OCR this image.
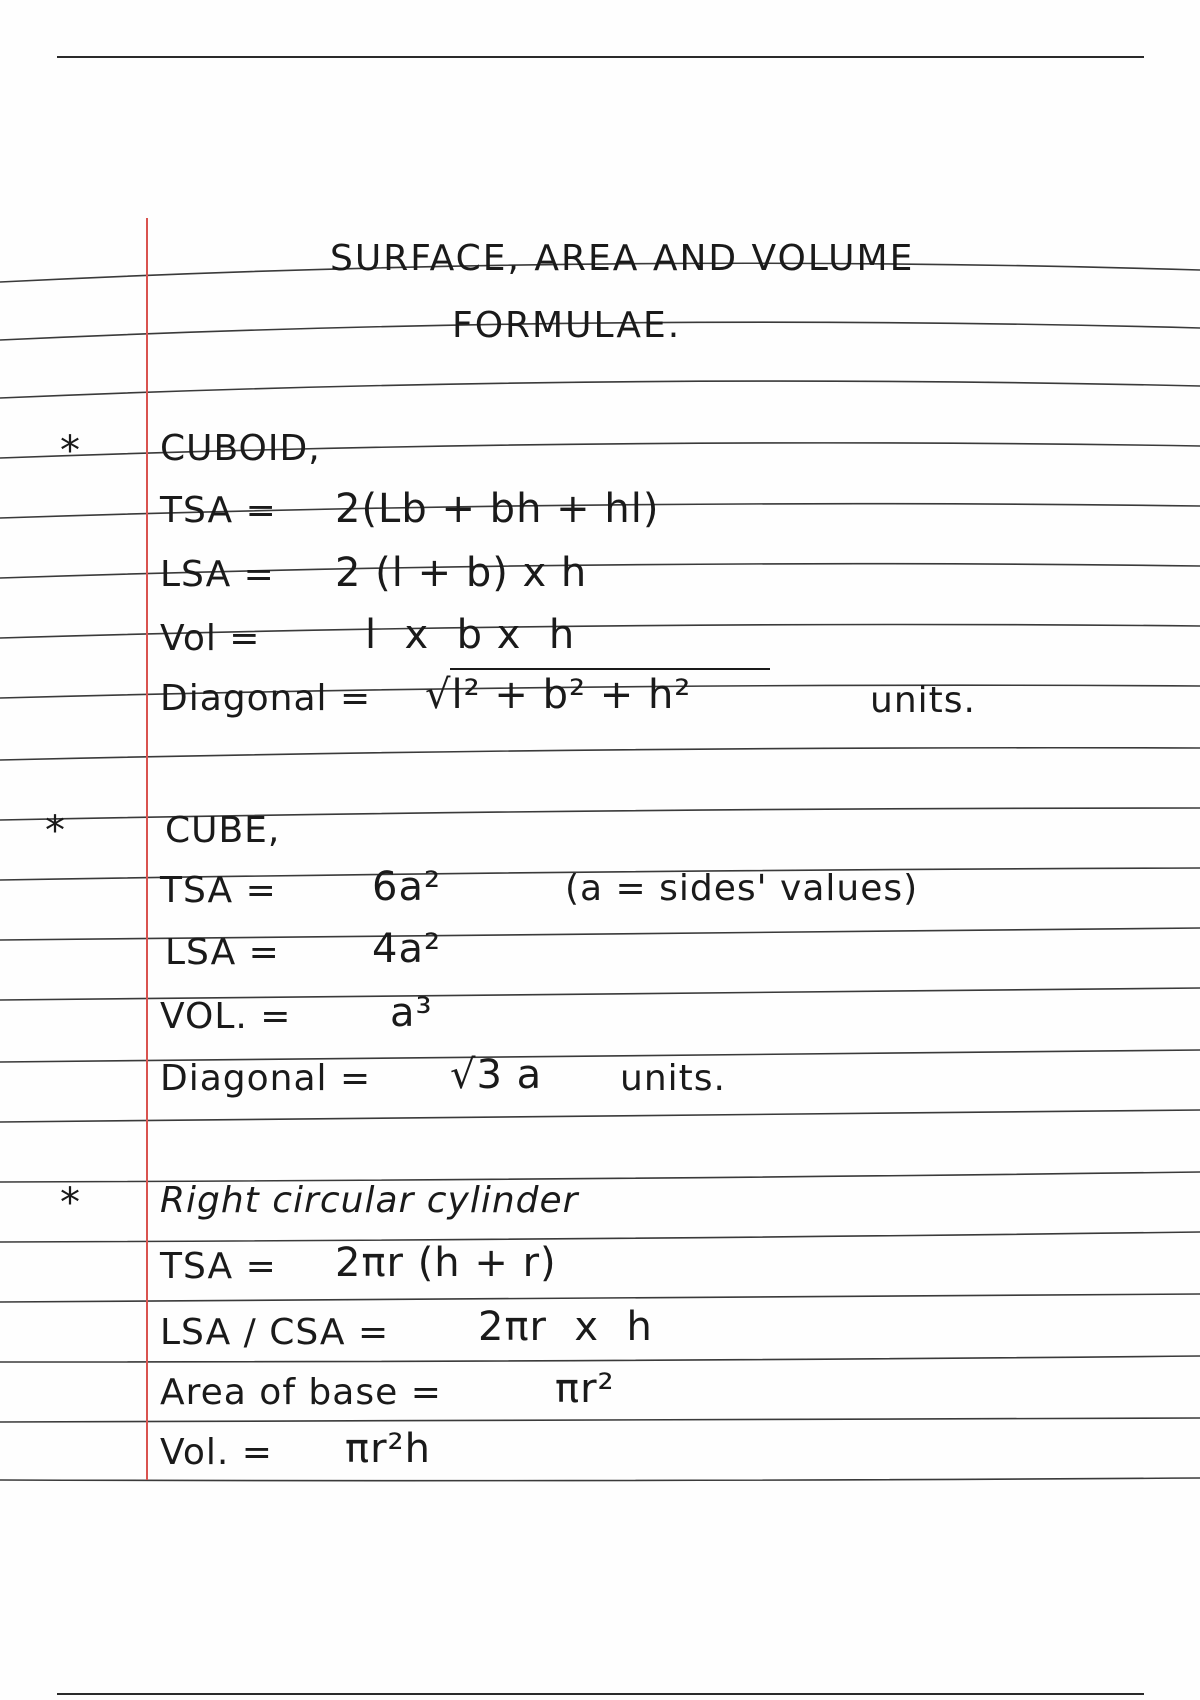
SURFACE, AREA AND VOLUME
FORMULAE.
* CUBOID,
TSA = 2(Lb + bh + hl)
LSA = 2 (l + b) x h
Vol =	l  x  b x  h
Diagonal = √l² + b² + h²	units.
*	CUBE,
TSA = 6a²	(a = sides' values)
LSA = 4a²
VOL. = a³
Diagonal = √3 a units.
* Right circular cylinder
TSA = 2πr (h + r)
LSA / CSA = 2πr  x  h
Area of base =	πr²
Vol. = πr²h
